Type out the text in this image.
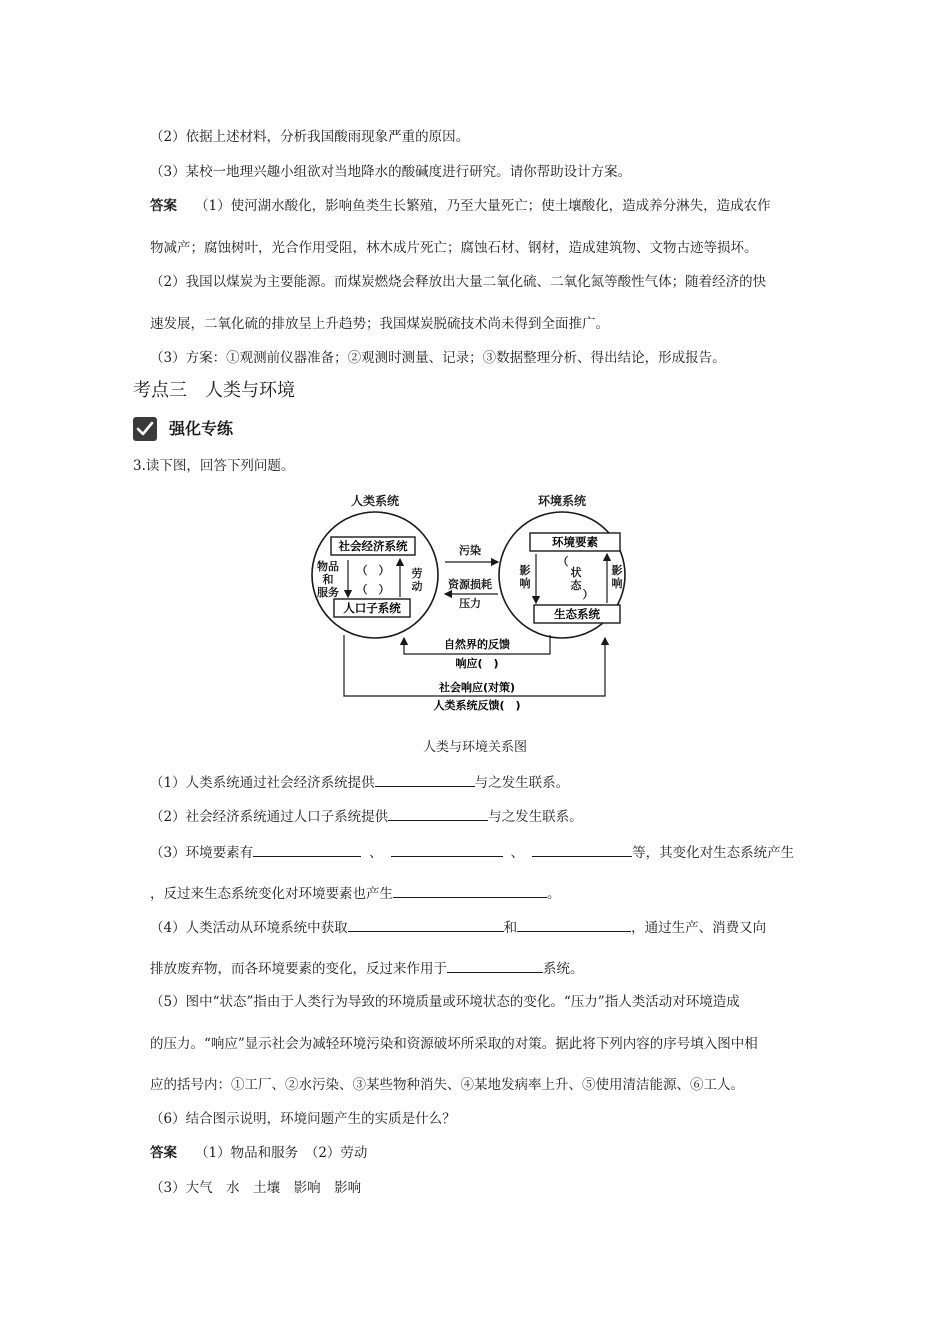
（2）依据上述材料，分析我国酸雨现象严重的原因。
（3）某校一地理兴趣小组欲对当地降水的酸碱度进行研究。请你帮助设计方案。
答案 （1）使河湖水酸化，影响鱼类生长繁殖，乃至大量死亡；使土壤酸化，造成养分淋失，造成农作
物减产；腐蚀树叶，光合作用受阻，林木成片死亡；腐蚀石材、钢材，造成建筑物、文物古迹等损坏。
（2）我国以煤炭为主要能源。而煤炭燃烧会释放出大量二氧化硫、二氧化氮等酸性气体；随着经济的快
速发展，二氧化硫的排放呈上升趋势；我国煤炭脱硫技术尚未得到全面推广。
（3）方案：①观测前仪器准备；②观测时测量、记录；③数据整理分析、得出结论，形成报告。
考点三　人类与环境
强化专练
3.读下图，回答下列问题。
人类系统	环境系统
社会经济系统
人口子系统
物品
和
服务
（　）
（　）
劳
动
污染
资源损耗
压力
环境要素
生态系统
影
响
（
状
态
）
影
响
自然界的反馈
响应(　)
社会响应(对策)
人类系统反馈(　)
人类与环境关系图
（1）人类系统通过社会经济系统提供	与之发生联系。
（2）社会经济系统通过人口子系统提供	与之发生联系。
（3）环境要素有	、	、	等，其变化对生态系统产生
，反过来生态系统变化对环境要素也产生	。
（4）人类活动从环境系统中获取	和	，通过生产、消费又向
排放废弃物，而各环境要素的变化，反过来作用于	系统。
（5）图中“状态”指由于人类行为导致的环境质量或环境状态的变化。“压力”指人类活动对环境造成
的压力。“响应”显示社会为减轻环境污染和资源破坏所采取的对策。据此将下列内容的序号填入图中相
应的括号内：①工厂、②水污染、③某些物种消失、④某地发病率上升、⑤使用清洁能源、⑥工人。
（6）结合图示说明，环境问题产生的实质是什么？
答案 （1）物品和服务　（2）劳动
（3）大气　水　土壤　影响　影响
